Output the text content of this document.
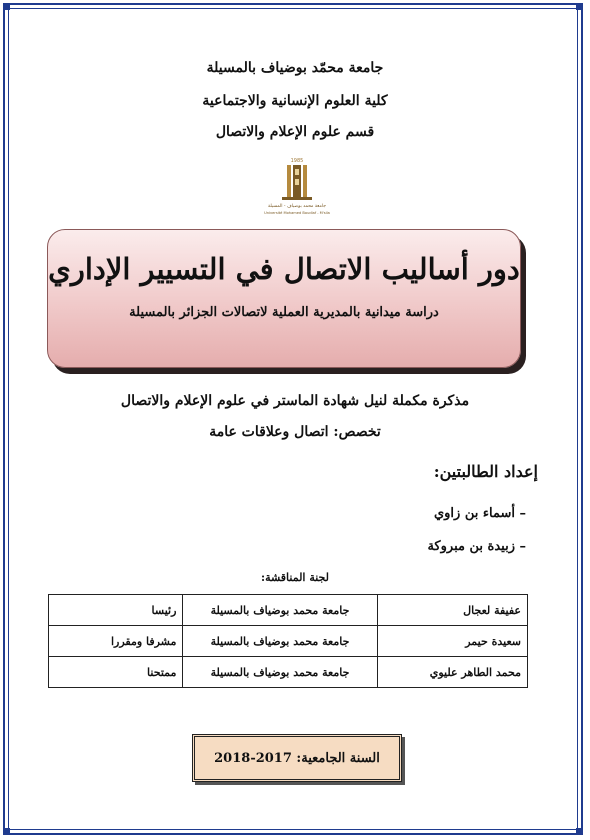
جامعة محمّد بوضياف بالمسيلة
كلية العلوم الإنسانية والاجتماعية
قسم علوم الإعلام والاتصال
1985
جامعة محمد بوضياف - المسيلة
Université Mohamed Boudiaf - M'sila
دور أساليب الاتصال في التسيير الإداري
دراسة ميدانية بالمديرية العملية لاتصالات الجزائر بالمسيلة
مذكرة مكملة لنيل شهادة الماستر في علوم الإعلام والاتصال
تخصص: اتصال وعلاقات عامة
إعداد الطالبتين:
– أسماء بن زاوي
– زبيدة بن مبروكة
لجنة المناقشة:
عفيفة لعجال	جامعة محمد بوضياف بالمسيلة	رئيسا
سعيدة حيمر	جامعة محمد بوضياف بالمسيلة	مشرفا ومقررا
محمد الطاهر عليوي	جامعة محمد بوضياف بالمسيلة	ممتحنا
السنة الجامعية: 2017-2018
